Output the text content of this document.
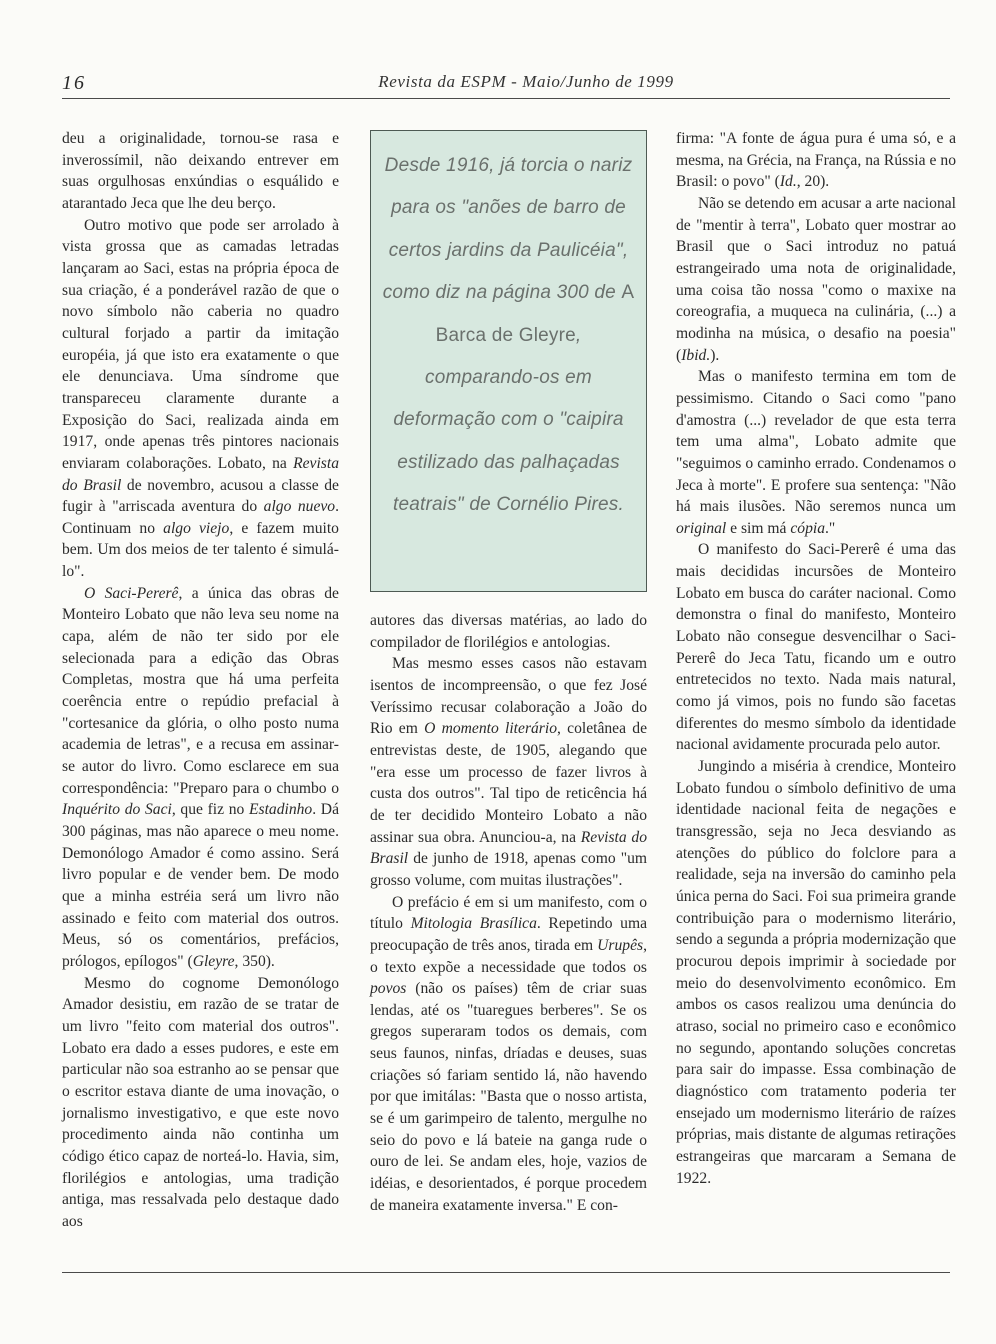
16	Revista da ESPM - Maio/Junho de 1999

deu a originalidade, tornou-se rasa e inverossímil, não deixando entrever em suas orgulhosas enxúndias o esquálido e atarantado Jeca que lhe deu berço.

Outro motivo que pode ser arrolado à vista grossa que as camadas letradas lançaram ao Saci, estas na própria época de sua criação, é a ponderável razão de que o novo símbolo não caberia no quadro cultural forjado a partir da imitação européia, já que isto era exatamente o que ele denunciava. Uma síndrome que transpareceu claramente durante a Exposição do Saci, realizada ainda em 1917, onde apenas três pintores nacionais enviaram colaborações. Lobato, na Revista do Brasil de novembro, acusou a classe de fugir à "arriscada aventura do algo nuevo. Continuam no algo viejo, e fazem muito bem. Um dos meios de ter talento é simulá-lo".

O Saci-Pererê, a única das obras de Monteiro Lobato que não leva seu nome na capa, além de não ter sido por ele selecionada para a edição das Obras Completas, mostra que há uma perfeita coerência entre o repúdio prefacial à "cortesanice da glória, o olho posto numa academia de letras", e a recusa em assinar-se autor do livro. Como esclarece em sua correspondência: "Preparo para o chumbo o Inquérito do Saci, que fiz no Estadinho. Dá 300 páginas, mas não aparece o meu nome. Demonólogo Amador é como assino. Será livro popular e de vender bem. De modo que a minha estréia será um livro não assinado e feito com material dos outros. Meus, só os comentários, prefácios, prólogos, epílogos" (Gleyre, 350).

Mesmo do cognome Demonólogo Amador desistiu, em razão de se tratar de um livro "feito com material dos outros". Lobato era dado a esses pudores, e este em particular não soa estranho ao se pensar que o escritor estava diante de uma inovação, o jornalismo investigativo, e que este novo procedimento ainda não continha um código ético capaz de norteá-lo. Havia, sim, florilégios e antologias, uma tradição antiga, mas ressalvada pelo destaque dado aos

Desde 1916, já torcia o nariz para os "anões de barro de certos jardins da Paulicéia", como diz na página 300 de A Barca de Gleyre, comparando-os em deformação com o "caipira estilizado das palhaçadas teatrais" de Cornélio Pires.

autores das diversas matérias, ao lado do compilador de florilégios e antologias.

Mas mesmo esses casos não estavam isentos de incompreensão, o que fez José Veríssimo recusar colaboração a João do Rio em O momento literário, coletânea de entrevistas deste, de 1905, alegando que "era esse um processo de fazer livros à custa dos outros". Tal tipo de reticência há de ter decidido Monteiro Lobato a não assinar sua obra. Anunciou-a, na Revista do Brasil de junho de 1918, apenas como "um grosso volume, com muitas ilustrações".

O prefácio é em si um manifesto, com o título Mitologia Brasílica. Repetindo uma preocupação de três anos, tirada em Urupês, o texto expõe a necessidade que todos os povos (não os países) têm de criar suas lendas, até os "tuaregues berberes". Se os gregos superaram todos os demais, com seus faunos, ninfas, dríadas e deuses, suas criações só fariam sentido lá, não havendo por que imitálas: "Basta que o nosso artista, se é um garimpeiro de talento, mergulhe no seio do povo e lá bateie na ganga rude o ouro de lei. Se andam eles, hoje, vazios de idéias, e desorientados, é porque procedem de maneira exatamente inversa." E con-

firma: "A fonte de água pura é uma só, e a mesma, na Grécia, na França, na Rússia e no Brasil: o povo" (Id., 20).

Não se detendo em acusar a arte nacional de "mentir à terra", Lobato quer mostrar ao Brasil que o Saci introduz no patuá estrangeirado uma nota de originalidade, uma coisa tão nossa "como o maxixe na coreografia, a muqueca na culinária, (...) a modinha na música, o desafio na poesia" (Ibid.).

Mas o manifesto termina em tom de pessimismo. Citando o Saci como "pano d'amostra (...) revelador de que esta terra tem uma alma", Lobato admite que "seguimos o caminho errado. Condenamos o Jeca à morte". E profere sua sentença: "Não há mais ilusões. Não seremos nunca um original e sim má cópia."

O manifesto do Saci-Pererê é uma das mais decididas incursões de Monteiro Lobato em busca do caráter nacional. Como demonstra o final do manifesto, Monteiro Lobato não consegue desvencilhar o Saci-Pererê do Jeca Tatu, ficando um e outro entretecidos no texto. Nada mais natural, como já vimos, pois no fundo são facetas diferentes do mesmo símbolo da identidade nacional avidamente procurada pelo autor.

Jungindo a miséria à crendice, Monteiro Lobato fundou o símbolo definitivo de uma identidade nacional feita de negações e transgressão, seja no Jeca desviando as atenções do público do folclore para a realidade, seja na inversão do caminho pela única perna do Saci. Foi sua primeira grande contribuição para o modernismo literário, sendo a segunda a própria modernização que procurou depois imprimir à sociedade por meio do desenvolvimento econômico. Em ambos os casos realizou uma denúncia do atraso, social no primeiro caso e econômico no segundo, apontando soluções concretas para sair do impasse. Essa combinação de diagnóstico com tratamento poderia ter ensejado um modernismo literário de raízes próprias, mais distante de algumas retirações estrangeiras que marcaram a Semana de 1922.
